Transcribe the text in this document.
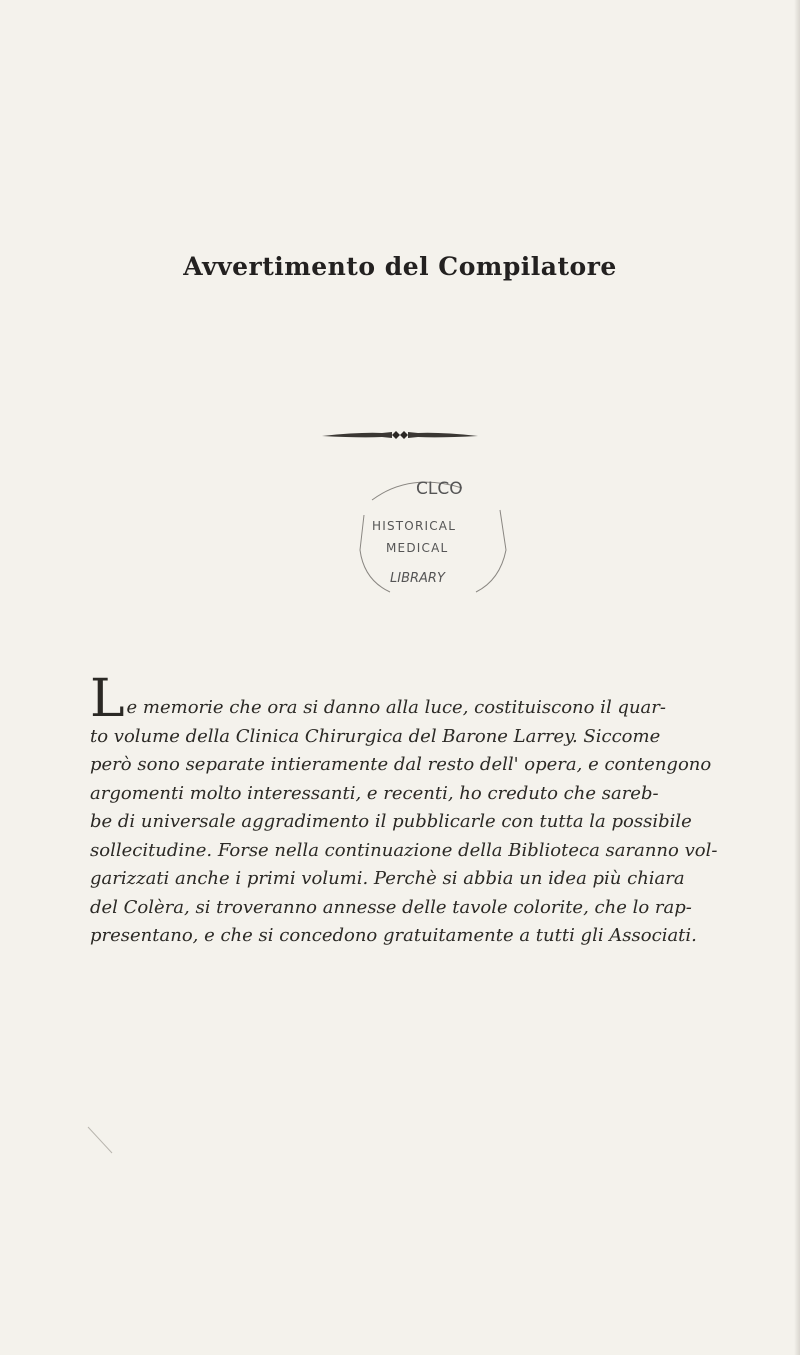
Avvertimento del Compilatore
CLCO
HISTORICAL
MEDICAL
LIBRARY
Le memorie che ora si danno alla luce, costituiscono il quar-
to volume della Clinica Chirurgica del Barone Larrey. Siccome
però sono separate intieramente dal resto dell' opera, e contengono
argomenti molto interessanti, e recenti, ho creduto che sareb-
be di universale aggradimento il pubblicarle con tutta la possibile
sollecitudine. Forse nella continuazione della Biblioteca saranno vol-
garizzati anche i primi volumi. Perchè si abbia un idea più chiara
del Colèra, si troveranno annesse delle tavole colorite, che lo rap-
presentano, e che si concedono gratuitamente a tutti gli Associati.
